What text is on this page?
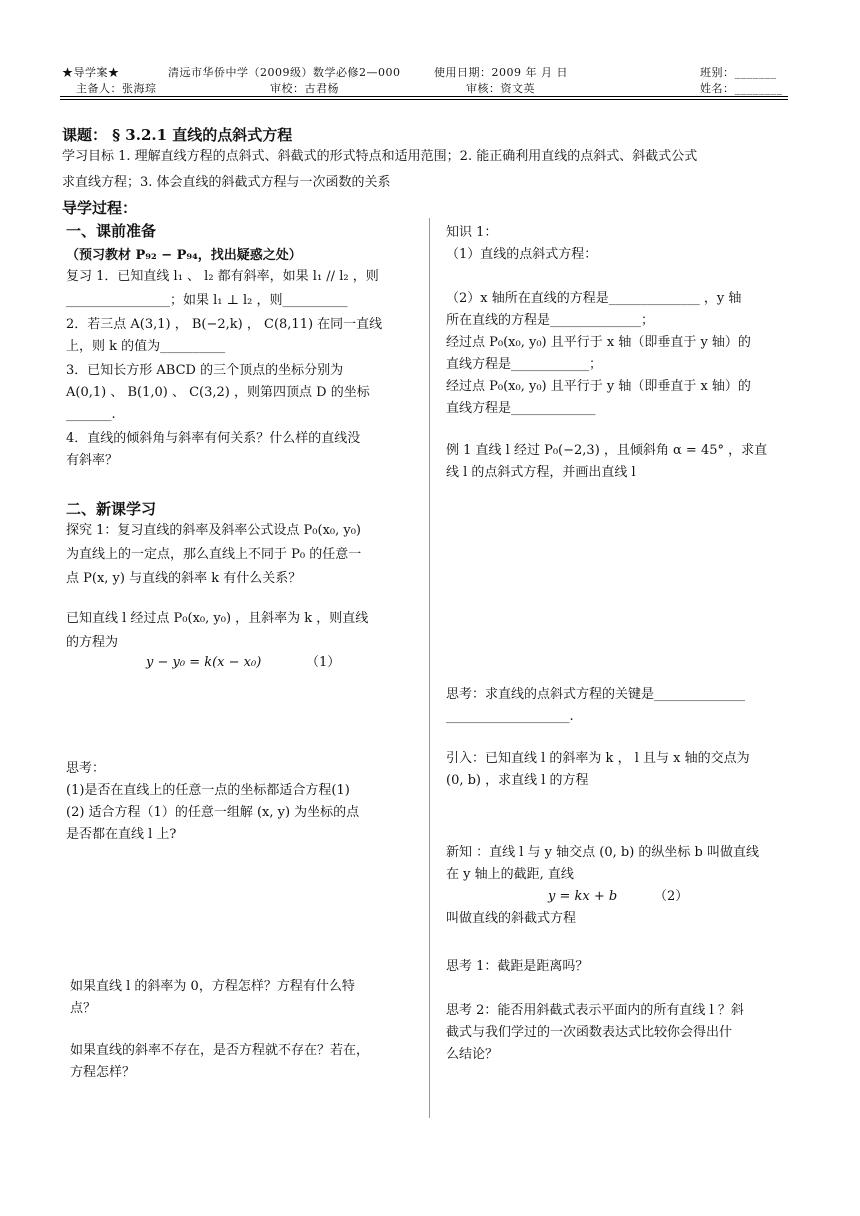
★导学案★	清远市华侨中学（2009级）数学必修2—000	使用日期：2009 年 月 日	班别：_______
主备人：张海琮	审校：古君杨	审核：资文英	姓名：________
课题： § 3.2.1 直线的点斜式方程
学习目标 1. 理解直线方程的点斜式、斜截式的形式特点和适用范围；2. 能正确利用直线的点斜式、斜截式公式
求直线方程；3. 体会直线的斜截式方程与一次函数的关系
导学过程：
一、课前准备
（预习教材 P₉₂ − P₉₄，找出疑惑之处）
复习 1．已知直线 l₁ 、 l₂ 都有斜率，如果 l₁ // l₂ ，则
________________；如果 l₁ ⊥ l₂ ，则__________
2．若三点 A(3,1) ， B(−2,k) ， C(8,11) 在同一直线
上，则 k 的值为__________
3．已知长方形 ABCD 的三个顶点的坐标分别为
A(0,1) 、 B(1,0) 、 C(3,2) ，则第四顶点 D 的坐标
_______.
4．直线的倾斜角与斜率有何关系？什么样的直线没
有斜率？
二、新课学习
探究 1：复习直线的斜率及斜率公式设点 P₀(x₀, y₀)
为直线上的一定点，那么直线上不同于 P₀ 的任意一
点 P(x, y) 与直线的斜率 k 有什么关系？
已知直线 l 经过点 P₀(x₀, y₀) ，且斜率为 k ，则直线
的方程为
y − y₀ = k(x − x₀)	（1）
思考：
(1)是否在直线上的任意一点的坐标都适合方程(1)
(2) 适合方程（1）的任意一组解 (x, y) 为坐标的点
是否都在直线 l 上?
如果直线 l 的斜率为 0，方程怎样？方程有什么特
点？
如果直线的斜率不存在，是否方程就不存在？若在，
方程怎样？
知识 1：
（1）直线的点斜式方程：
（2）x 轴所在直线的方程是______________ ，y 轴
所在直线的方程是______________；
经过点 P₀(x₀, y₀) 且平行于 x 轴（即垂直于 y 轴）的
直线方程是____________；
经过点 P₀(x₀, y₀) 且平行于 y 轴（即垂直于 x 轴）的
直线方程是_____________
例 1 直线 l 经过 P₀(−2,3) ，且倾斜角 α = 45° ，求直
线 l 的点斜式方程，并画出直线 l
思考：求直线的点斜式方程的关键是______________
___________________.
引入：已知直线 l 的斜率为 k ， l 且与 x 轴的交点为
(0, b) ，求直线 l 的方程
新知 ：直线 l 与 y 轴交点 (0, b) 的纵坐标 b 叫做直线
在 y 轴上的截距, 直线
y = kx + b	（2）
叫做直线的斜截式方程
思考 1：截距是距离吗？
思考 2：能否用斜截式表示平面内的所有直线 l ？斜
截式与我们学过的一次函数表达式比较你会得出什
么结论？
